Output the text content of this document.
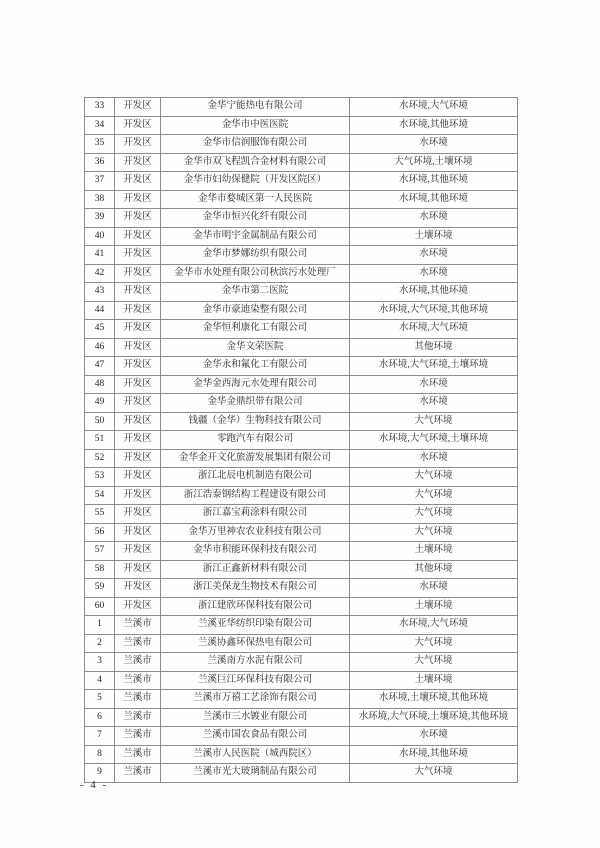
33	开发区	金华宁能热电有限公司	水环境,大气环境
34	开发区	金华市中医医院	水环境,其他环境
35	开发区	金华市信润服饰有限公司	水环境
36	开发区	金华市双飞程凯合金材料有限公司	大气环境,土壤环境
37	开发区	金华市妇幼保健院（开发区院区）	水环境,其他环境
38	开发区	金华市婺城区第一人民医院	水环境,其他环境
39	开发区	金华市恒兴化纤有限公司	水环境
40	开发区	金华市明宇金属制品有限公司	土壤环境
41	开发区	金华市梦娜纺织有限公司	水环境
42	开发区	金华市水处理有限公司秋滨污水处理厂	水环境
43	开发区	金华市第二医院	水环境,其他环境
44	开发区	金华市豪迪染整有限公司	水环境,大气环境,其他环境
45	开发区	金华恒利康化工有限公司	水环境,大气环境
46	开发区	金华文荣医院	其他环境
47	开发区	金华永和氟化工有限公司	水环境,大气环境,土壤环境
48	开发区	金华金西海元水处理有限公司	水环境
49	开发区	金华金鼎织带有限公司	水环境
50	开发区	钱疆（金华）生物科技有限公司	大气环境
51	开发区	零跑汽车有限公司	水环境,大气环境,土壤环境
52	开发区	金华金开文化旅游发展集团有限公司	水环境
53	开发区	浙江北辰电机制造有限公司	大气环境
54	开发区	浙江浩泰钢结构工程建设有限公司	大气环境
55	开发区	浙江嘉宝莉涂料有限公司	大气环境
56	开发区	金华万里神农农业科技有限公司	大气环境
57	开发区	金华市积能环保科技有限公司	土壤环境
58	开发区	浙江正鑫新材料有限公司	其他环境
59	开发区	浙江美保龙生物技术有限公司	水环境
60	开发区	浙江建欣环保科技有限公司	土壤环境
1	兰溪市	兰溪亚华纺织印染有限公司	水环境,大气环境
2	兰溪市	兰溪协鑫环保热电有限公司	大气环境
3	兰溪市	兰溪南方水泥有限公司	大气环境
4	兰溪市	兰溪巨江环保科技有限公司	土壤环境
5	兰溪市	兰溪市万禧工艺涂饰有限公司	水环境,土壤环境,其他环境
6	兰溪市	兰溪市三水镀业有限公司	水环境,大气环境,土壤环境,其他环境
7	兰溪市	兰溪市国农食品有限公司	水环境
8	兰溪市	兰溪市人民医院（城西院区）	水环境,其他环境
9	兰溪市	兰溪市光大玻璃制品有限公司	大气环境
- 4 -
